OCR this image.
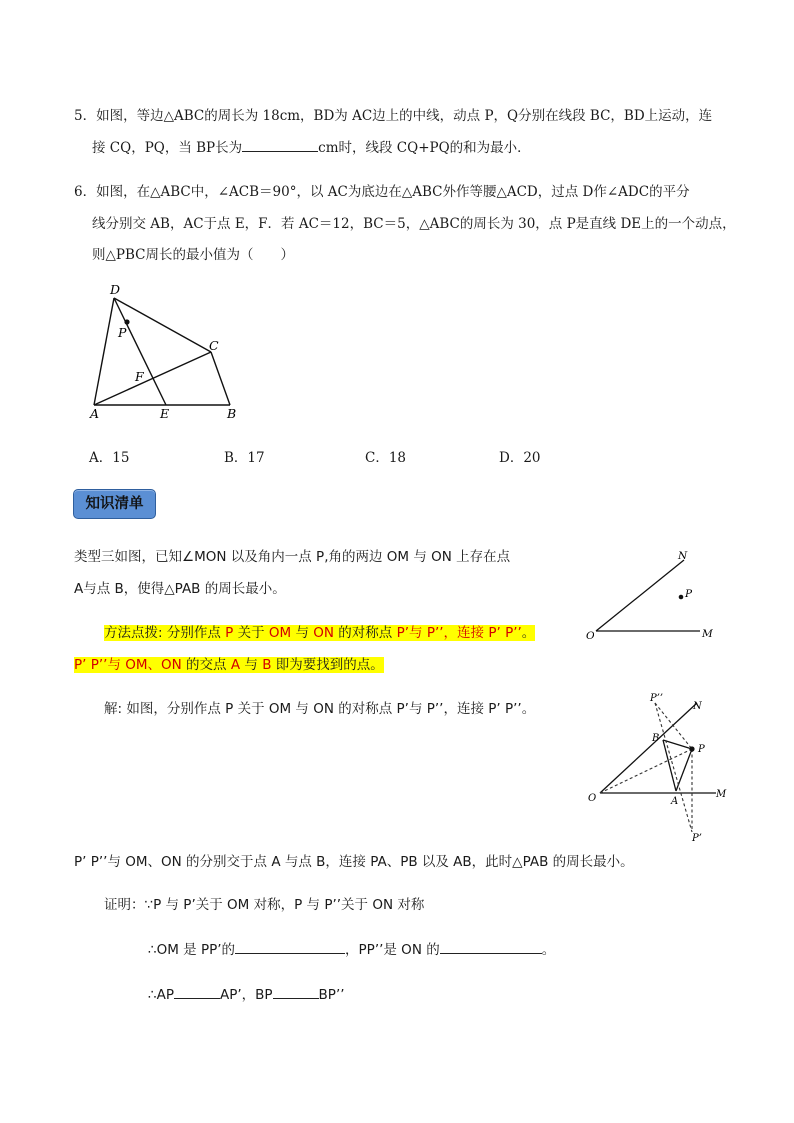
5．如图，等边△ABC的周长为 18cm，BD为 AC边上的中线，动点 P，Q分别在线段 BC，BD上运动，连
接 CQ，PQ，当 BP长为	cm时，线段 CQ+PQ的和为最小．
6．如图，在△ABC中，∠ACB＝90°，以 AC为底边在△ABC外作等腰△ACD，过点 D作∠ADC的平分
线分别交 AB，AC于点 E，F．若 AC＝12，BC＝5，△ABC的周长为 30，点 P是直线 DE上的一个动点，
则△PBC周长的最小值为（　　）
D
P
C
F
A	E	B
A．15	B．17	C．18	D．20
知识清单
类型三如图，已知∠MON 以及角内一点 P,角的两边 OM 与 ON 上存在点
A与点 B，使得△PAB 的周长最小。
N
P
O	M
方法点拨: 分别作点 P 关于 OM 与 ON 的对称点 P’与 P’’，连接 P’ P’’。
P’ P’’与 OM、ON 的交点 A 与 B 即为要找到的点。
解: 如图，分别作点 P 关于 OM 与 ON 的对称点 P’与 P’’，连接 P’ P’’。
P’’
N
B
P
O	A
M
P’
P’ P’’与 OM、ON 的分别交于点 A 与点 B，连接 PA、PB 以及 AB，此时△PAB 的周长最小。
证明：∵P 与 P’关于 OM 对称，P 与 P’’关于 ON 对称
∴OM 是 PP’的	，PP’’是 ON 的	。
∴AP	AP’，BP	BP’’
